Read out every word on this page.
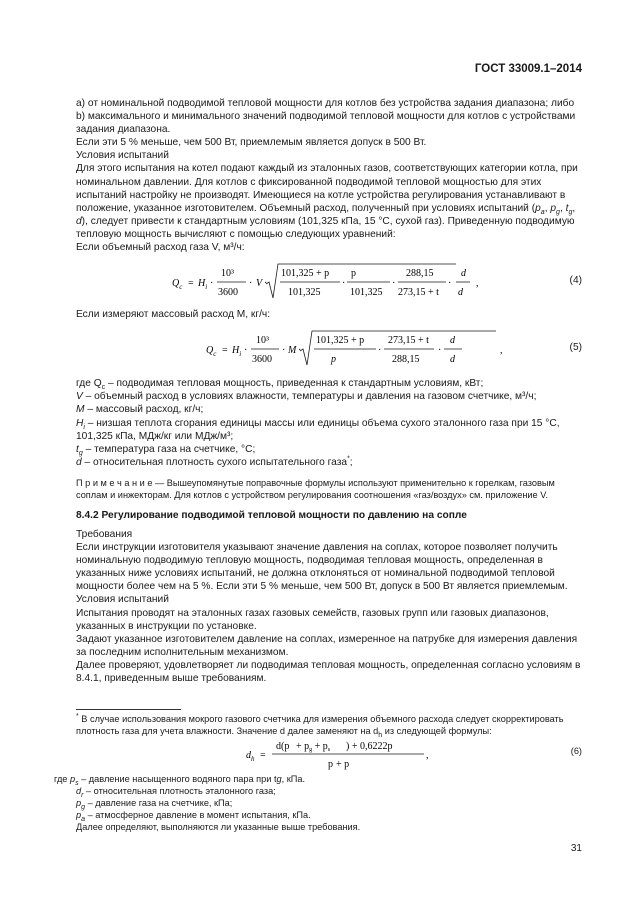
ГОСТ 33009.1–2014

а) от номинальной подводимой тепловой мощности для котлов без устройства задания диапазона; либо

b) максимального и минимального значений подводимой тепловой мощности для котлов с устройствами задания диапазона.

Если эти 5 % меньше, чем 500 Вт, приемлемым является допуск в 500 Вт.

Условия испытаний

Для этого испытания на котел подают каждый из эталонных газов, соответствующих категории котла, при номинальном давлении. Для котлов с фиксированной подводимой тепловой мощностью для этих испытаний настройку не производят. Имеющиеся на котле устройства регулирования устанавливают в положение, указанное изготовителем. Объемный расход, полученный при условиях испытаний ($p_a$, $p_g$, $t_g$, d), следует привести к стандартным условиям (101,325 кПа, 15 °C, сухой газ). Приведенную подводимую тепловую мощность вычисляют с помощью следующих уравнений:

Если объемный расход газа V, м³/ч:

$Q_c = H_i$ ·
10³
3600
· V ·
101,325 + p
101,325
·
p
101,325
·
288,15
273,15 + t
·
d
d
,	(4)

Если измеряют массовый расход M, кг/ч:

$Q_c = H_i$ ·
10³
3600
· M ·
101,325 + p
p
·
273,15 + t
288,15
·
d
d
,	(5)

где $Q_c$ – подводимая тепловая мощность, приведенная к стандартным условиям, кВт;

V – объемный расход в условиях влажности, температуры и давления на газовом счетчике, м³/ч;

M – массовый расход, кг/ч;

$H_i$ – низшая теплота сгорания единицы массы или единицы объема сухого эталонного газа при 15 °C, 101,325 кПа, МДж/кг или МДж/м³;

$t_g$ – температура газа на счетчике, °C;

d – относительная плотность сухого испытательного газа*;

П р и м е ч а н и е — Вышеупомянутые поправочные формулы используют применительно к горелкам, газовым соплам и инжекторам. Для котлов с устройством регулирования соотношения «газ/воздух» см. приложение V.

8.4.2 Регулирование подводимой тепловой мощности по давлению на сопле

Требования

Если инструкции изготовителя указывают значение давления на соплах, которое позволяет получить номинальную подводимую тепловую мощность, подводимая тепловая мощность, определенная в указанных ниже условиях испытаний, не должна отклоняться от номинальной подводимой тепловой мощности более чем на 5 %. Если эти 5 % меньше, чем 500 Вт, допуск в 500 Вт является приемлемым.

Условия испытаний

Испытания проводят на эталонных газах газовых семейств, газовых групп или газовых диапазонов, указанных в инструкции по установке.

Задают указанное изготовителем давление на соплах, измеренное на патрубке для измерения давления за последним исполнительным механизмом.

Далее проверяют, удовлетворяет ли подводимая тепловая мощность, определенная согласно условиям в 8.4.1, приведенным выше требованиям.

* В случае использования мокрого газового счетчика для измерения объемного расхода следует скорректировать плотность газа для учета влажности. Значение d далее заменяют на $d_h$ из следующей формулы:

$d_h$ =
$d(p + p_g + p_s$ ) + 0,6222p
p + p
,	(6)

где $p_s$ – давление насыщенного водяного пара при tg, кПа.

$d_r$ – относительная плотность эталонного газа;

$p_g$ – давление газа на счетчике, кПа;

$p_a$ – атмосферное давление в момент испытания, кПа.

Далее определяют, выполняются ли указанные выше требования.

31
